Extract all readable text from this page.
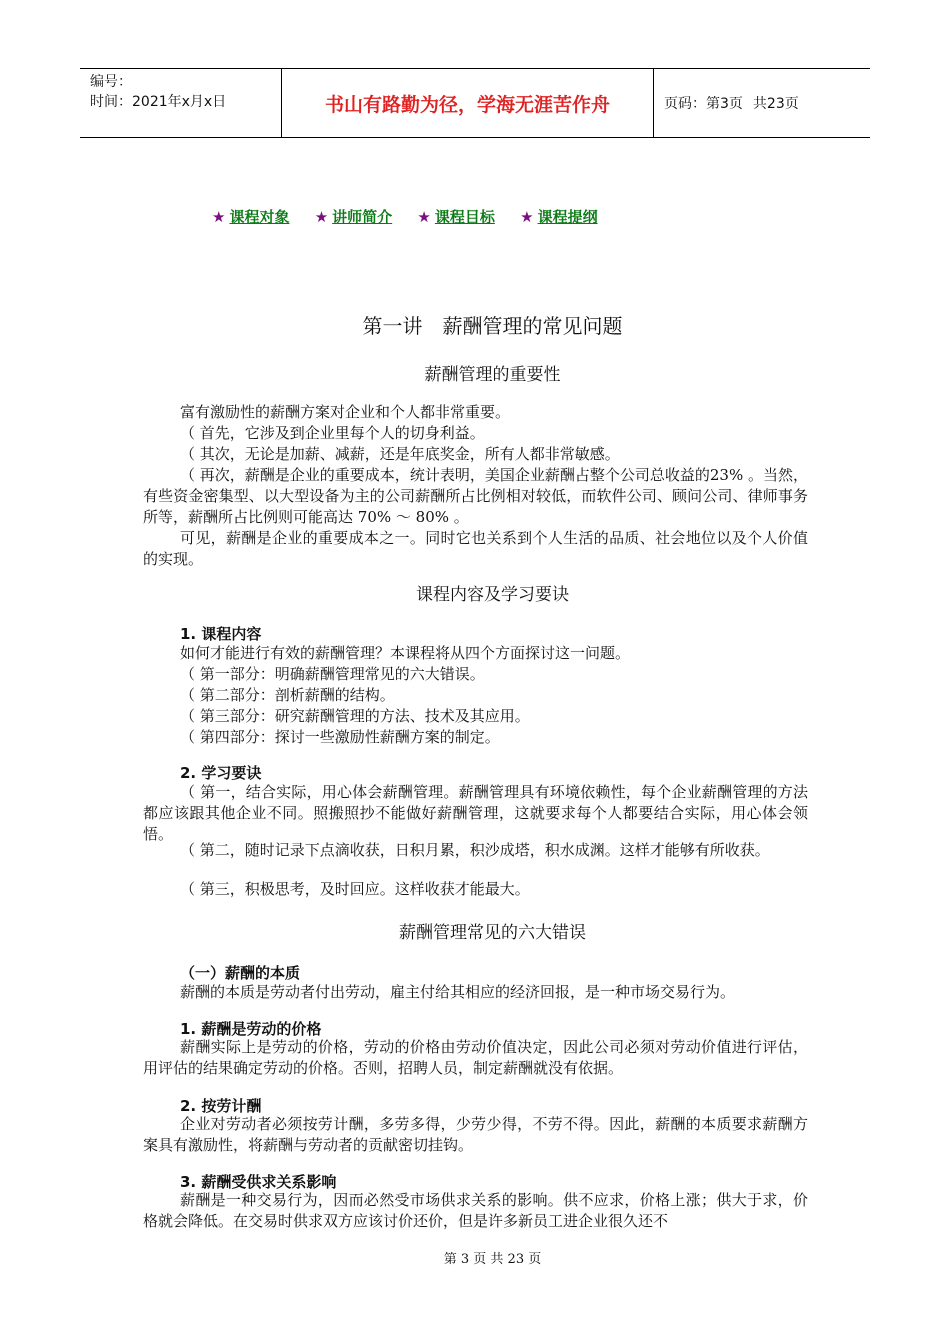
编号：
时间：2021年x月x日	书山有路勤为径，学海无涯苦作舟	页码：第3页 共23页
★ 课程对象 ★ 讲师简介 ★ 课程目标 ★ 课程提纲
第一讲　薪酬管理的常见问题
薪酬管理的重要性

富有激励性的薪酬方案对企业和个人都非常重要。

（ 首先，它涉及到企业里每个人的切身利益。
（ 其次，无论是加薪、减薪，还是年底奖金，所有人都非常敏感。

（ 再次，薪酬是企业的重要成本，统计表明，美国企业薪酬占整个公司总收益的23% 。当然，有些资金密集型、以大型设备为主的公司薪酬所占比例相对较低，而软件公司、顾问公司、律师事务所等，薪酬所占比例则可能高达 70% ～ 80% 。

可见，薪酬是企业的重要成本之一。同时它也关系到个人生活的品质、社会地位以及个人价值的实现。

课程内容及学习要诀
1. 课程内容
如何才能进行有效的薪酬管理？本课程将从四个方面探讨这一问题。
（ 第一部分：明确薪酬管理常见的六大错误。
（ 第二部分：剖析薪酬的结构。
（ 第三部分：研究薪酬管理的方法、技术及其应用。
（ 第四部分：探讨一些激励性薪酬方案的制定。
2. 学习要诀

（ 第一，结合实际，用心体会薪酬管理。薪酬管理具有环境依赖性，每个企业薪酬管理的方法都应该跟其他企业不同。照搬照抄不能做好薪酬管理，这就要求每个人都要结合实际，用心体会领悟。

（ 第二，随时记录下点滴收获，日积月累，积沙成塔，积水成渊。这样才能够有所收获。

（ 第三，积极思考，及时回应。这样收获才能最大。
薪酬管理常见的六大错误
（一）薪酬的本质
薪酬的本质是劳动者付出劳动，雇主付给其相应的经济回报，是一种市场交易行为。
1. 薪酬是劳动的价格

薪酬实际上是劳动的价格，劳动的价格由劳动价值决定，因此公司必须对劳动价值进行评估，用评估的结果确定劳动的价格。否则，招聘人员，制定薪酬就没有依据。

2. 按劳计酬

企业对劳动者必须按劳计酬，多劳多得，少劳少得，不劳不得。因此，薪酬的本质要求薪酬方案具有激励性，将薪酬与劳动者的贡献密切挂钩。

3. 薪酬受供求关系影响

薪酬是一种交易行为，因而必然受市场供求关系的影响。供不应求，价格上涨；供大于求，价格就会降低。在交易时供求双方应该讨价还价，但是许多新员工进企业很久还不

第 3 页 共 23 页
